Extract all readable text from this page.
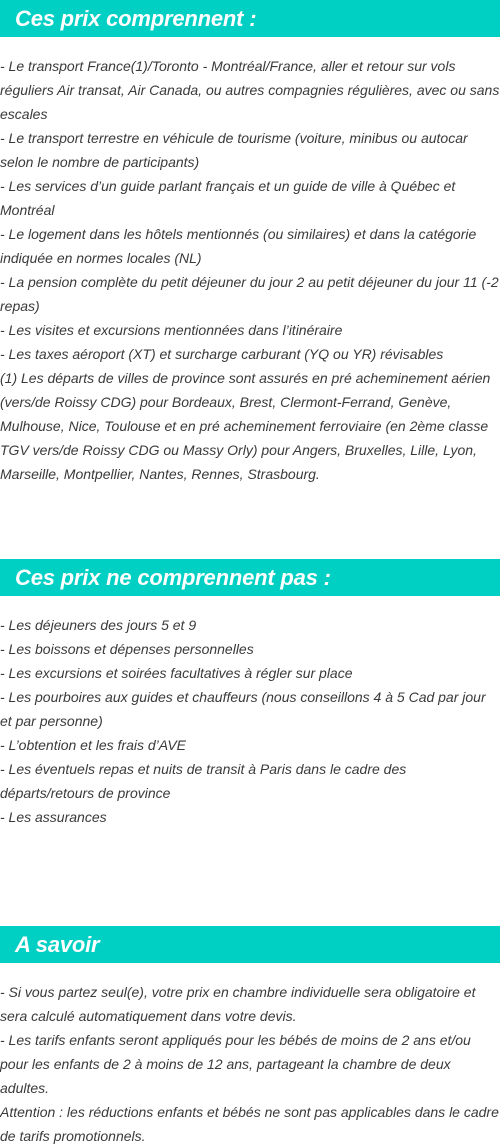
Ces prix comprennent :

- Le transport France(1)/Toronto - Montréal/France, aller et retour sur vols réguliers Air transat, Air Canada, ou autres compagnies régulières, avec ou sans escales

- Le transport terrestre en véhicule de tourisme (voiture, minibus ou autocar selon le nombre de participants)

- Les services d’un guide parlant français et un guide de ville à Québec et Montréal

- Le logement dans les hôtels mentionnés (ou similaires) et dans la catégorie indiquée en normes locales (NL)

- La pension complète du petit déjeuner du jour 2 au petit déjeuner du jour 11 (-2 repas)

- Les visites et excursions mentionnées dans l’itinéraire

- Les taxes aéroport (XT) et surcharge carburant (YQ ou YR) révisables

(1) Les départs de villes de province sont assurés en pré acheminement aérien (vers/de Roissy CDG) pour Bordeaux, Brest, Clermont-Ferrand, Genève, Mulhouse, Nice, Toulouse et en pré acheminement ferroviaire (en 2ème classe TGV vers/de Roissy CDG ou Massy Orly) pour Angers, Bruxelles, Lille, Lyon, Marseille, Montpellier, Nantes, Rennes, Strasbourg.

Ces prix ne comprennent pas :

- Les déjeuners des jours 5 et 9

- Les boissons et dépenses personnelles

- Les excursions et soirées facultatives à régler sur place

- Les pourboires aux guides et chauffeurs (nous conseillons 4 à 5 Cad par jour et par personne)

- L’obtention et les frais d’AVE

- Les éventuels repas et nuits de transit à Paris dans le cadre des départs/retours de province

- Les assurances

A savoir

- Si vous partez seul(e), votre prix en chambre individuelle sera obligatoire et sera calculé automatiquement dans votre devis.

- Les tarifs enfants seront appliqués pour les bébés de moins de 2 ans et/ou pour les enfants de 2 à moins de 12 ans, partageant la chambre de deux adultes.

Attention : les réductions enfants et bébés ne sont pas applicables dans le cadre de tarifs promotionnels.
